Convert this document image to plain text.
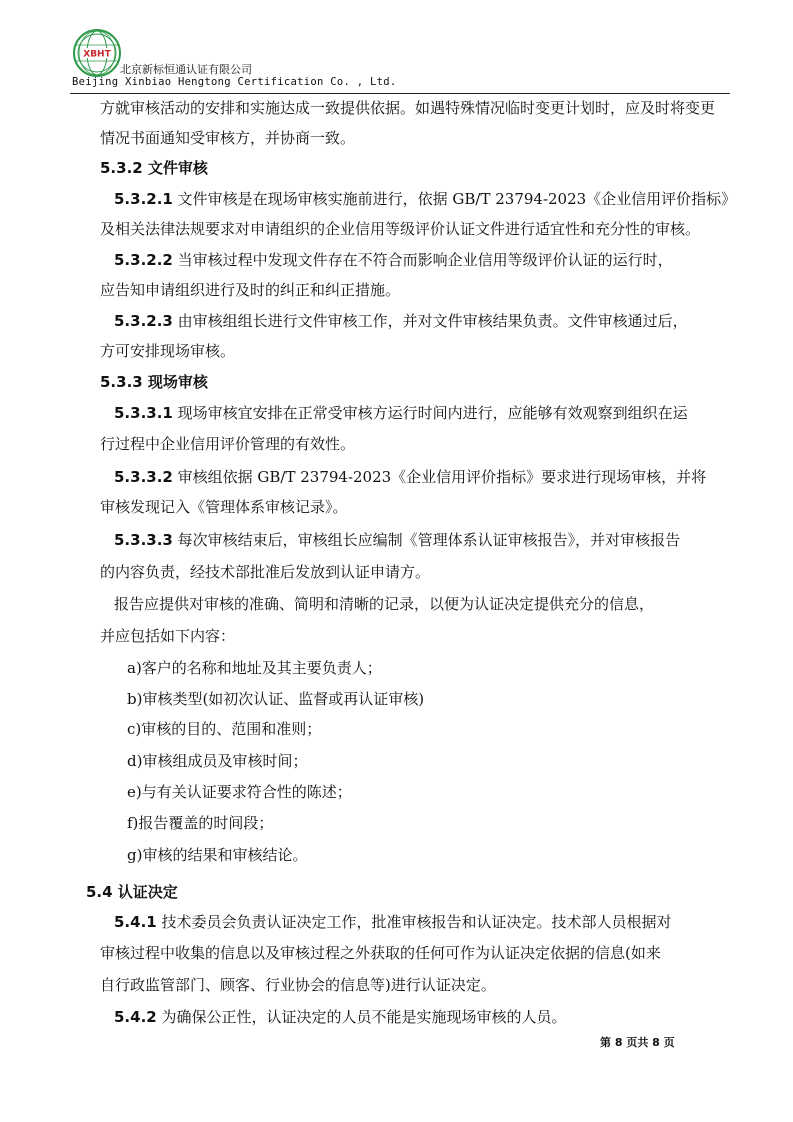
XBHT
北京新标恒通认证有限公司
Beijing Xinbiao Hengtong Certification Co. , Ltd.
方就审核活动的安排和实施达成一致提供依据。如遇特殊情况临时变更计划时，应及时将变更
情况书面通知受审核方，并协商一致。
5.3.2 文件审核
5.3.2.1 文件审核是在现场审核实施前进行，依据 GB/T 23794-2023《企业信用评价指标》
及相关法律法规要求对申请组织的企业信用等级评价认证文件进行适宜性和充分性的审核。
5.3.2.2 当审核过程中发现文件存在不符合而影响企业信用等级评价认证的运行时，
应告知申请组织进行及时的纠正和纠正措施。
5.3.2.3 由审核组组长进行文件审核工作，并对文件审核结果负责。文件审核通过后，
方可安排现场审核。
5.3.3 现场审核
5.3.3.1 现场审核宜安排在正常受审核方运行时间内进行，应能够有效观察到组织在运
行过程中企业信用评价管理的有效性。
5.3.3.2 审核组依据 GB/T 23794-2023《企业信用评价指标》要求进行现场审核，并将
审核发现记入《管理体系审核记录》。
5.3.3.3 每次审核结束后，审核组长应编制《管理体系认证审核报告》，并对审核报告
的内容负责，经技术部批准后发放到认证申请方。
报告应提供对审核的准确、简明和清晰的记录，以便为认证决定提供充分的信息，
并应包括如下内容：
a)客户的名称和地址及其主要负责人；
b)审核类型(如初次认证、监督或再认证审核)
c)审核的目的、范围和准则；
d)审核组成员及审核时间；
e)与有关认证要求符合性的陈述；
f)报告覆盖的时间段；
g)审核的结果和审核结论。
5.4 认证决定
5.4.1 技术委员会负责认证决定工作，批准审核报告和认证决定。技术部人员根据对
审核过程中收集的信息以及审核过程之外获取的任何可作为认证决定依据的信息(如来
自行政监管部门、顾客、行业协会的信息等)进行认证决定。
5.4.2 为确保公正性，认证决定的人员不能是实施现场审核的人员。
第 8 页共 8 页
